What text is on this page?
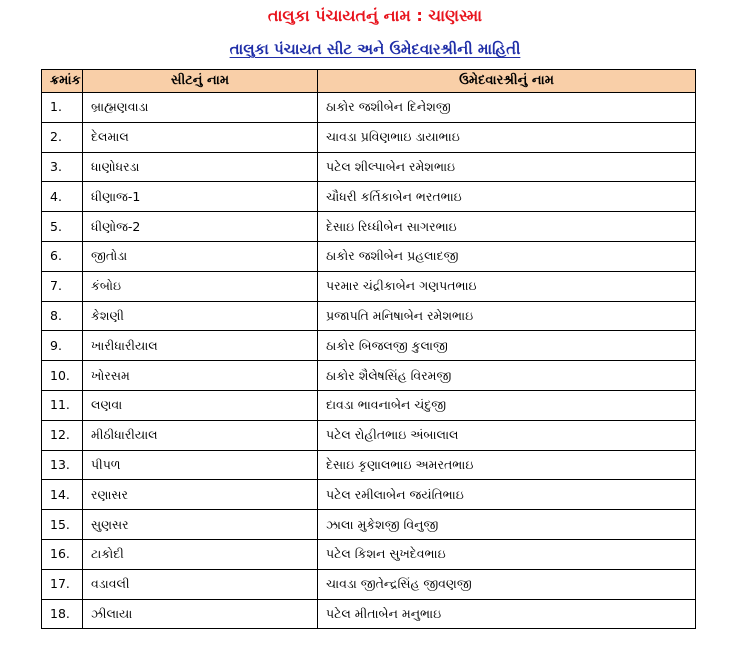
તાલુકા પંચાયતનું નામ : ચાણસ્મા
તાલુકા પંચાયત સીટ અને ઉમેદવારશ્રીની માહિતી
ક્રમાંક	સીટનું નામ	ઉમેદવારશ્રીનું નામ
1.	બ્રાહ્મણવાડા	ઠાકોર જશીબેન દિનેશજી
2.	દેલમાલ	ચાવડા પ્રવિણભાઇ ડાયાભાઇ
3.	ધાણોધરડા	પટેલ શીલ્પાબેન રમેશભાઇ
4.	ધીણાજ-1	ચૌધરી કર્તિકાબેન ભરતભાઇ
5.	ધીણોજ-2	દેસાઇ રિધ્ધીબેન સાગરભાઇ
6.	જીતોડા	ઠાકોર જશીબેન પ્રહલાદજી
7.	કંબોઇ	પરમાર ચંદ્રીકાબેન ગણપતભાઇ
8.	કેશણી	પ્રજાપતિ મનિષાબેન રમેશભાઇ
9.	ખારીધારીયાલ	ઠાકોર બિજલજી કુલાજી
10.	ખોરસમ	ઠાકોર શૈલેષસિંહ વિરમજી
11.	લણવા	દાવડા ભાવનાબેન ચંદુજી
12.	મીઠીધારીયાલ	પટેલ રોહીતભાઇ અંબાલાલ
13.	પીપળ	દેસાઇ કૃણાલભાઇ અમરતભાઇ
14.	રણાસર	પટેલ રમીલાબેન જયંતિભાઇ
15.	સુણસર	ઝાલા મુકેશજી વિનુજી
16.	ટાકોદી	પટેલ કિશન સુખદેવભાઇ
17.	વડાવલી	ચાવડા જીતેન્દ્રસિંહ જીવણજી
18.	ઝીલાયા	પટેલ મીતાબેન મનુભાઇ
